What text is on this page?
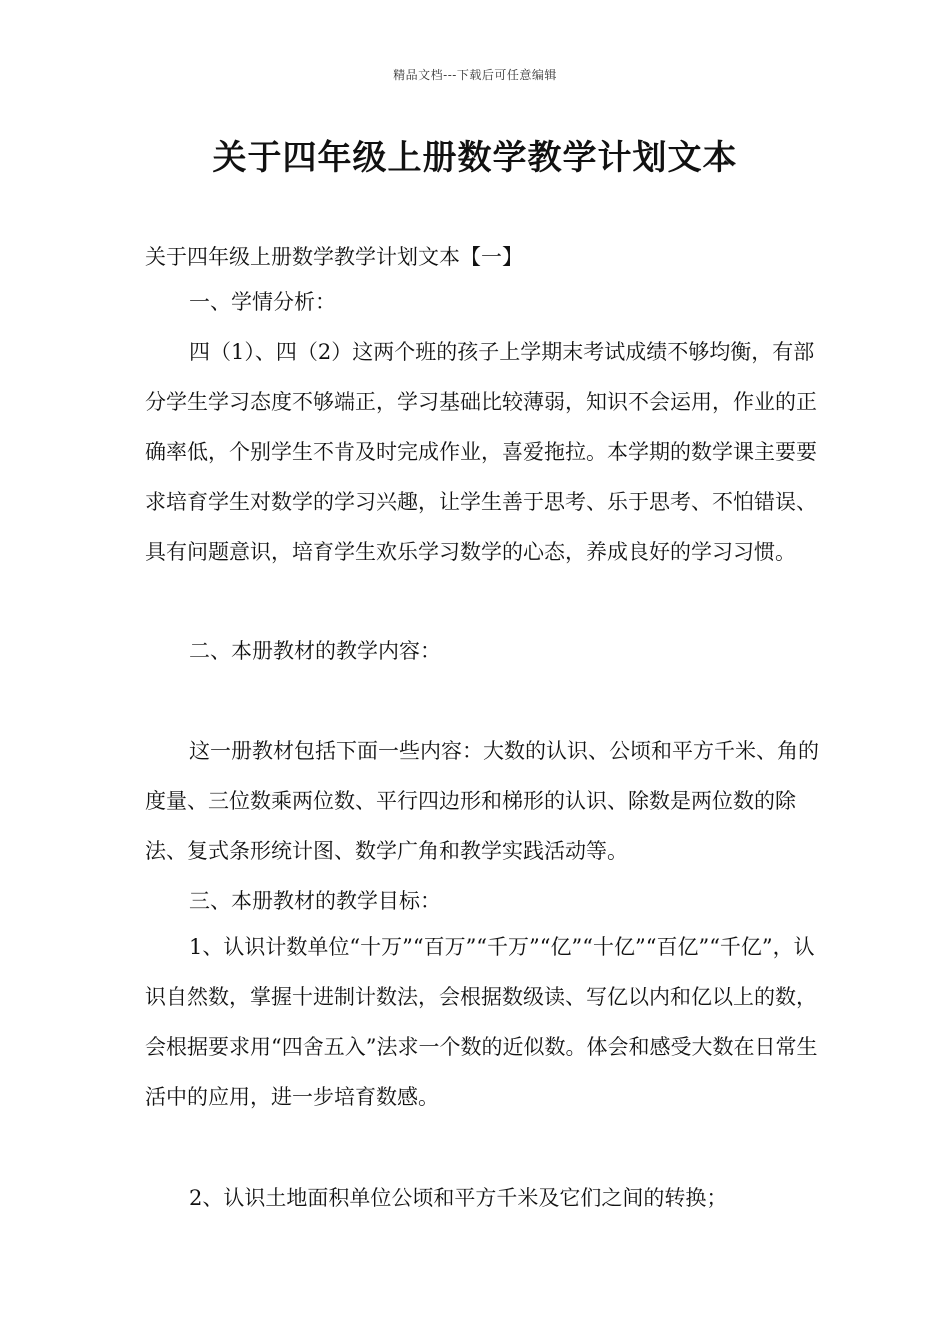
精品文档---下载后可任意编辑
关于四年级上册数学教学计划文本

关于四年级上册数学教学计划文本【一】

一、学情分析：

四（1）、四（2）这两个班的孩子上学期末考试成绩不够均衡，有部分学生学习态度不够端正，学习基础比较薄弱，知识不会运用，作业的正确率低，个别学生不肯及时完成作业，喜爱拖拉。本学期的数学课主要要求培育学生对数学的学习兴趣，让学生善于思考、乐于思考、不怕错误、具有问题意识，培育学生欢乐学习数学的心态，养成良好的学习习惯。

二、本册教材的教学内容：

这一册教材包括下面一些内容：大数的认识、公顷和平方千米、角的度量、三位数乘两位数、平行四边形和梯形的认识、除数是两位数的除法、复式条形统计图、数学广角和教学实践活动等。

三、本册教材的教学目标：

1、认识计数单位“十万”“百万”“千万”“亿”“十亿”“百亿”“千亿”，认识自然数，掌握十进制计数法，会根据数级读、写亿以内和亿以上的数，会根据要求用“四舍五入”法求一个数的近似数。体会和感受大数在日常生活中的应用，进一步培育数感。

2、认识土地面积单位公顷和平方千米及它们之间的转换；
